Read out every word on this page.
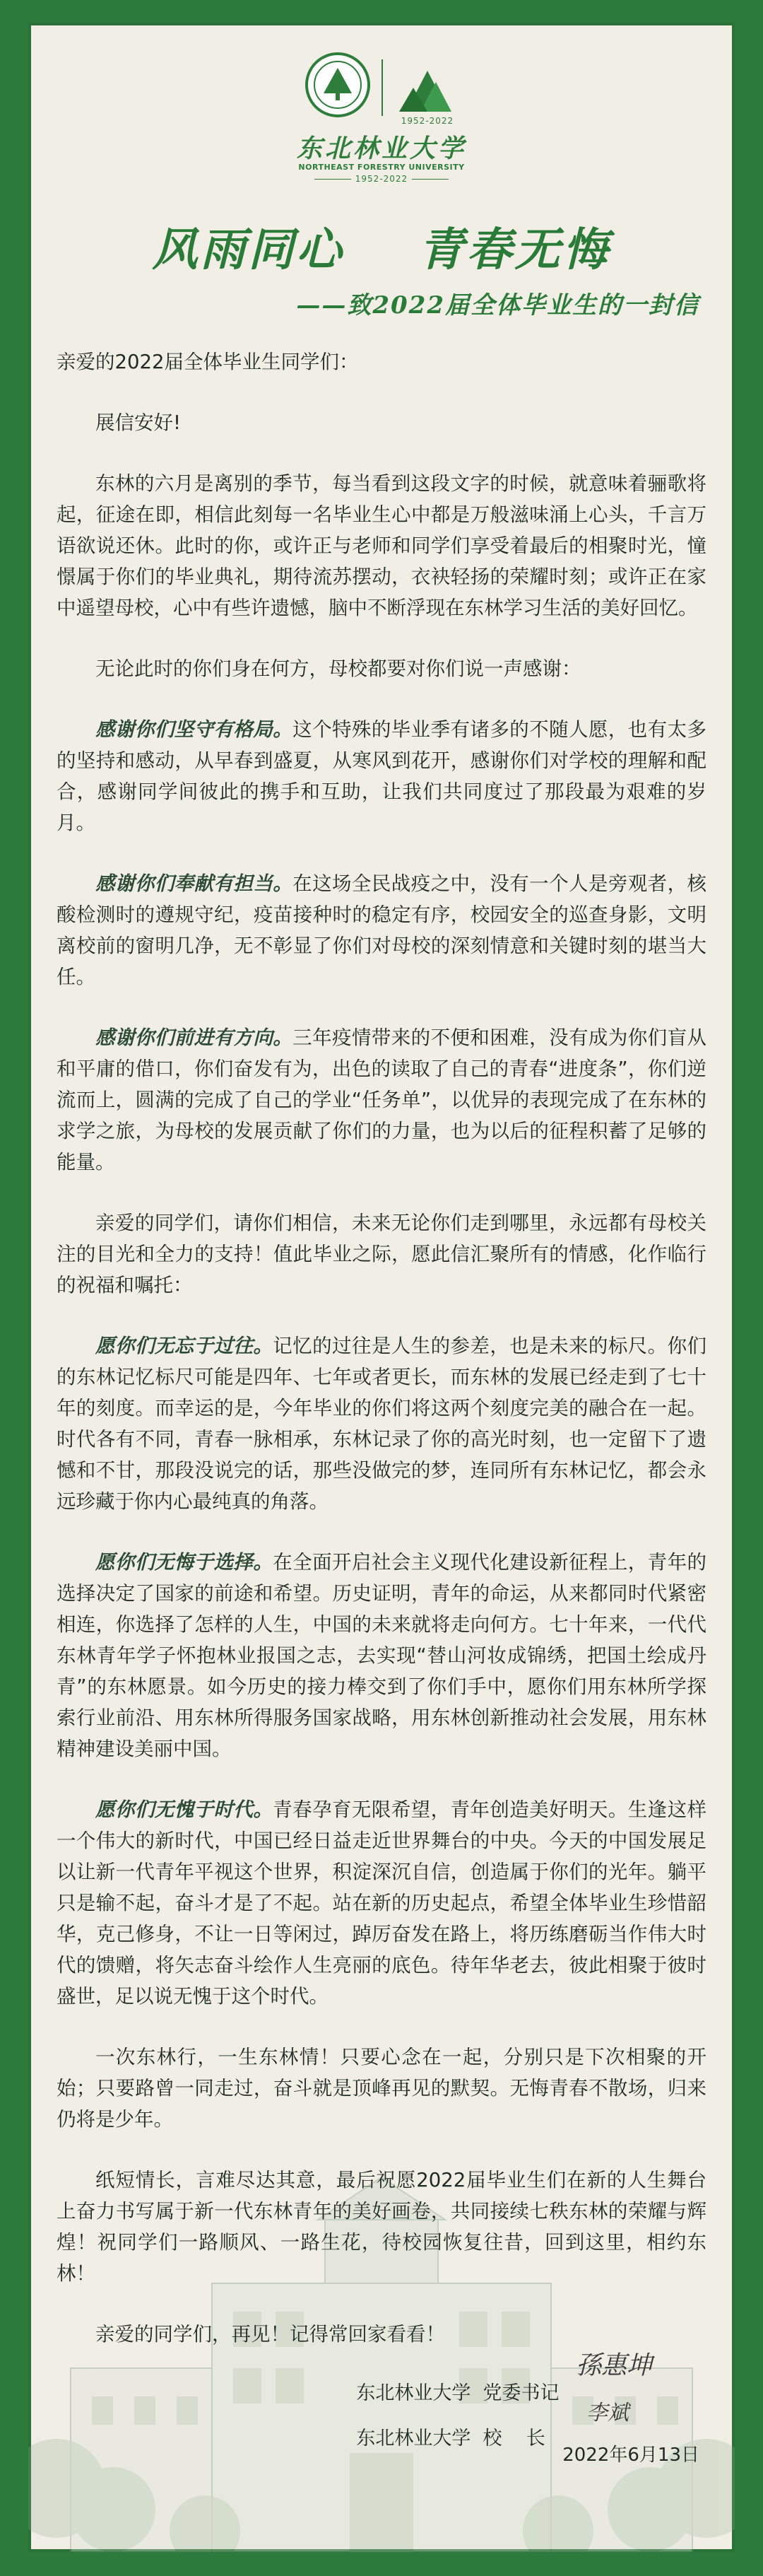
1952-2022
东北林业大学
NORTHEAST FORESTRY UNIVERSITY
1952-2022
风雨同心    青春无悔
——致2022届全体毕业生的一封信

亲爱的2022届全体毕业生同学们：

展信安好!

东林的六月是离别的季节，每当看到这段文字的时候，就意味着骊歌将起，征途在即，相信此刻每一名毕业生心中都是万般滋味涌上心头，千言万语欲说还休。此时的你，或许正与老师和同学们享受着最后的相聚时光，憧憬属于你们的毕业典礼，期待流苏摆动，衣袂轻扬的荣耀时刻；或许正在家中遥望母校，心中有些许遗憾，脑中不断浮现在东林学习生活的美好回忆。

无论此时的你们身在何方，母校都要对你们说一声感谢：

感谢你们坚守有格局。这个特殊的毕业季有诸多的不随人愿，也有太多的坚持和感动，从早春到盛夏，从寒风到花开，感谢你们对学校的理解和配合，感谢同学间彼此的携手和互助，让我们共同度过了那段最为艰难的岁月。

感谢你们奉献有担当。在这场全民战疫之中，没有一个人是旁观者，核酸检测时的遵规守纪，疫苗接种时的稳定有序，校园安全的巡查身影，文明离校前的窗明几净，无不彰显了你们对母校的深刻情意和关键时刻的堪当大任。

感谢你们前进有方向。三年疫情带来的不便和困难，没有成为你们盲从和平庸的借口，你们奋发有为，出色的读取了自己的青春“进度条”，你们逆流而上，圆满的完成了自己的学业“任务单”，以优异的表现完成了在东林的求学之旅，为母校的发展贡献了你们的力量，也为以后的征程积蓄了足够的能量。

亲爱的同学们，请你们相信，未来无论你们走到哪里，永远都有母校关注的目光和全力的支持！值此毕业之际，愿此信汇聚所有的情感，化作临行的祝福和嘱托：

愿你们无忘于过往。记忆的过往是人生的参差，也是未来的标尺。你们的东林记忆标尺可能是四年、七年或者更长，而东林的发展已经走到了七十年的刻度。而幸运的是，今年毕业的你们将这两个刻度完美的融合在一起。时代各有不同，青春一脉相承，东林记录了你的高光时刻，也一定留下了遗憾和不甘，那段没说完的话，那些没做完的梦，连同所有东林记忆，都会永远珍藏于你内心最纯真的角落。

愿你们无悔于选择。在全面开启社会主义现代化建设新征程上，青年的选择决定了国家的前途和希望。历史证明，青年的命运，从来都同时代紧密相连，你选择了怎样的人生，中国的未来就将走向何方。七十年来，一代代东林青年学子怀抱林业报国之志，去实现“替山河妆成锦绣，把国土绘成丹青”的东林愿景。如今历史的接力棒交到了你们手中，愿你们用东林所学探索行业前沿、用东林所得服务国家战略，用东林创新推动社会发展，用东林精神建设美丽中国。

愿你们无愧于时代。青春孕育无限希望，青年创造美好明天。生逢这样一个伟大的新时代，中国已经日益走近世界舞台的中央。今天的中国发展足以让新一代青年平视这个世界，积淀深沉自信，创造属于你们的光年。躺平只是输不起，奋斗才是了不起。站在新的历史起点，希望全体毕业生珍惜韶华，克己修身，不让一日等闲过，踔厉奋发在路上，将历练磨砺当作伟大时代的馈赠，将矢志奋斗绘作人生亮丽的底色。待年华老去，彼此相聚于彼时盛世，足以说无愧于这个时代。

一次东林行，一生东林情！只要心念在一起，分别只是下次相聚的开始；只要路曾一同走过，奋斗就是顶峰再见的默契。无悔青春不散场，归来仍将是少年。

纸短情长，言难尽达其意，最后祝愿2022届毕业生们在新的人生舞台上奋力书写属于新一代东林青年的美好画卷，共同接续七秩东林的荣耀与辉煌！祝同学们一路顺风、一路生花，待校园恢复往昔，回到这里，相约东林！

亲爱的同学们，再见！记得常回家看看！

东北林业大学 党委书记

孫惠坤

东北林业大学 校    长

李斌
2022年6月13日
